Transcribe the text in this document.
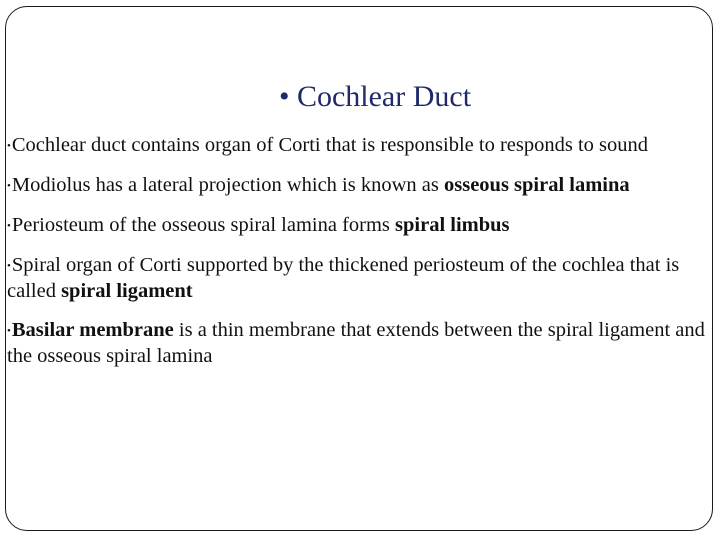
• Cochlear Duct
•Cochlear duct contains organ of Corti that is responsible to responds to sound
•Modiolus has a lateral projection which is known as osseous spiral lamina
•Periosteum of the osseous spiral lamina forms spiral limbus
•Spiral organ of Corti supported by the thickened periosteum of the cochlea that is called spiral ligament
•Basilar membrane is a thin membrane that extends between the spiral ligament and the osseous spiral lamina
